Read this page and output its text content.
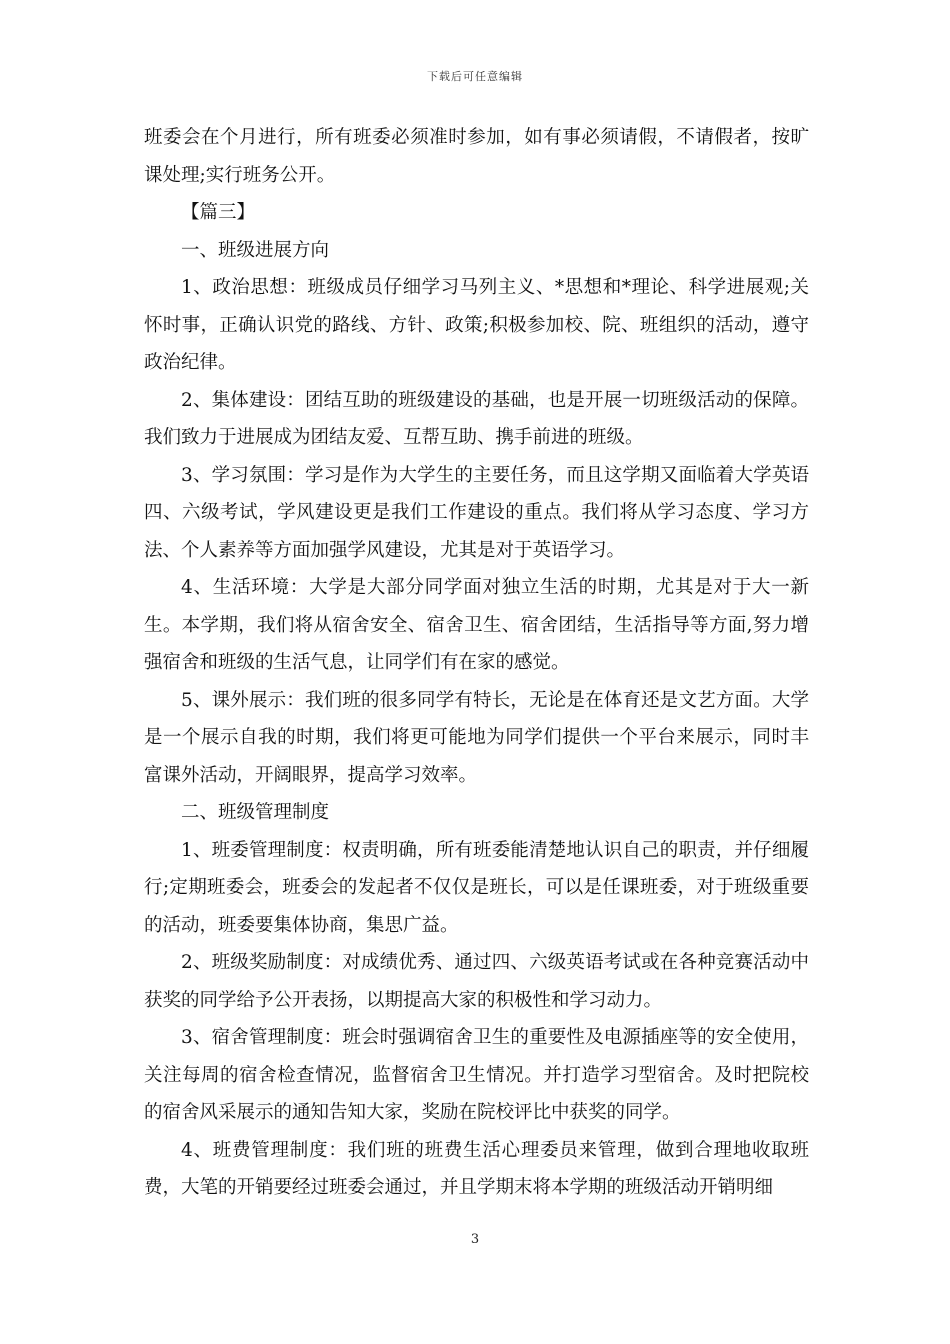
下载后可任意编辑

班委会在个月进行，所有班委必须准时参加，如有事必须请假，不请假者，按旷课处理;实行班务公开。

【篇三】

一、班级进展方向

1、政治思想：班级成员仔细学习马列主义、*思想和*理论、科学进展观;关怀时事，正确认识党的路线、方针、政策;积极参加校、院、班组织的活动，遵守政治纪律。

2、集体建设：团结互助的班级建设的基础，也是开展一切班级活动的保障。我们致力于进展成为团结友爱、互帮互助、携手前进的班级。

3、学习氛围：学习是作为大学生的主要任务，而且这学期又面临着大学英语四、六级考试，学风建设更是我们工作建设的重点。我们将从学习态度、学习方法、个人素养等方面加强学风建设，尤其是对于英语学习。

4、生活环境：大学是大部分同学面对独立生活的时期，尤其是对于大一新生。本学期，我们将从宿舍安全、宿舍卫生、宿舍团结，生活指导等方面,努力增强宿舍和班级的生活气息，让同学们有在家的感觉。

5、课外展示：我们班的很多同学有特长，无论是在体育还是文艺方面。大学是一个展示自我的时期，我们将更可能地为同学们提供一个平台来展示，同时丰富课外活动，开阔眼界，提高学习效率。

二、班级管理制度

1、班委管理制度：权责明确，所有班委能清楚地认识自己的职责，并仔细履行;定期班委会，班委会的发起者不仅仅是班长，可以是任课班委，对于班级重要的活动，班委要集体协商，集思广益。

2、班级奖励制度：对成绩优秀、通过四、六级英语考试或在各种竞赛活动中获奖的同学给予公开表扬，以期提高大家的积极性和学习动力。

3、宿舍管理制度：班会时强调宿舍卫生的重要性及电源插座等的安全使用，关注每周的宿舍检查情况，监督宿舍卫生情况。并打造学习型宿舍。及时把院校的宿舍风采展示的通知告知大家，奖励在院校评比中获奖的同学。

4、班费管理制度：我们班的班费生活心理委员来管理，做到合理地收取班费，大笔的开销要经过班委会通过，并且学期末将本学期的班级活动开销明细

3
